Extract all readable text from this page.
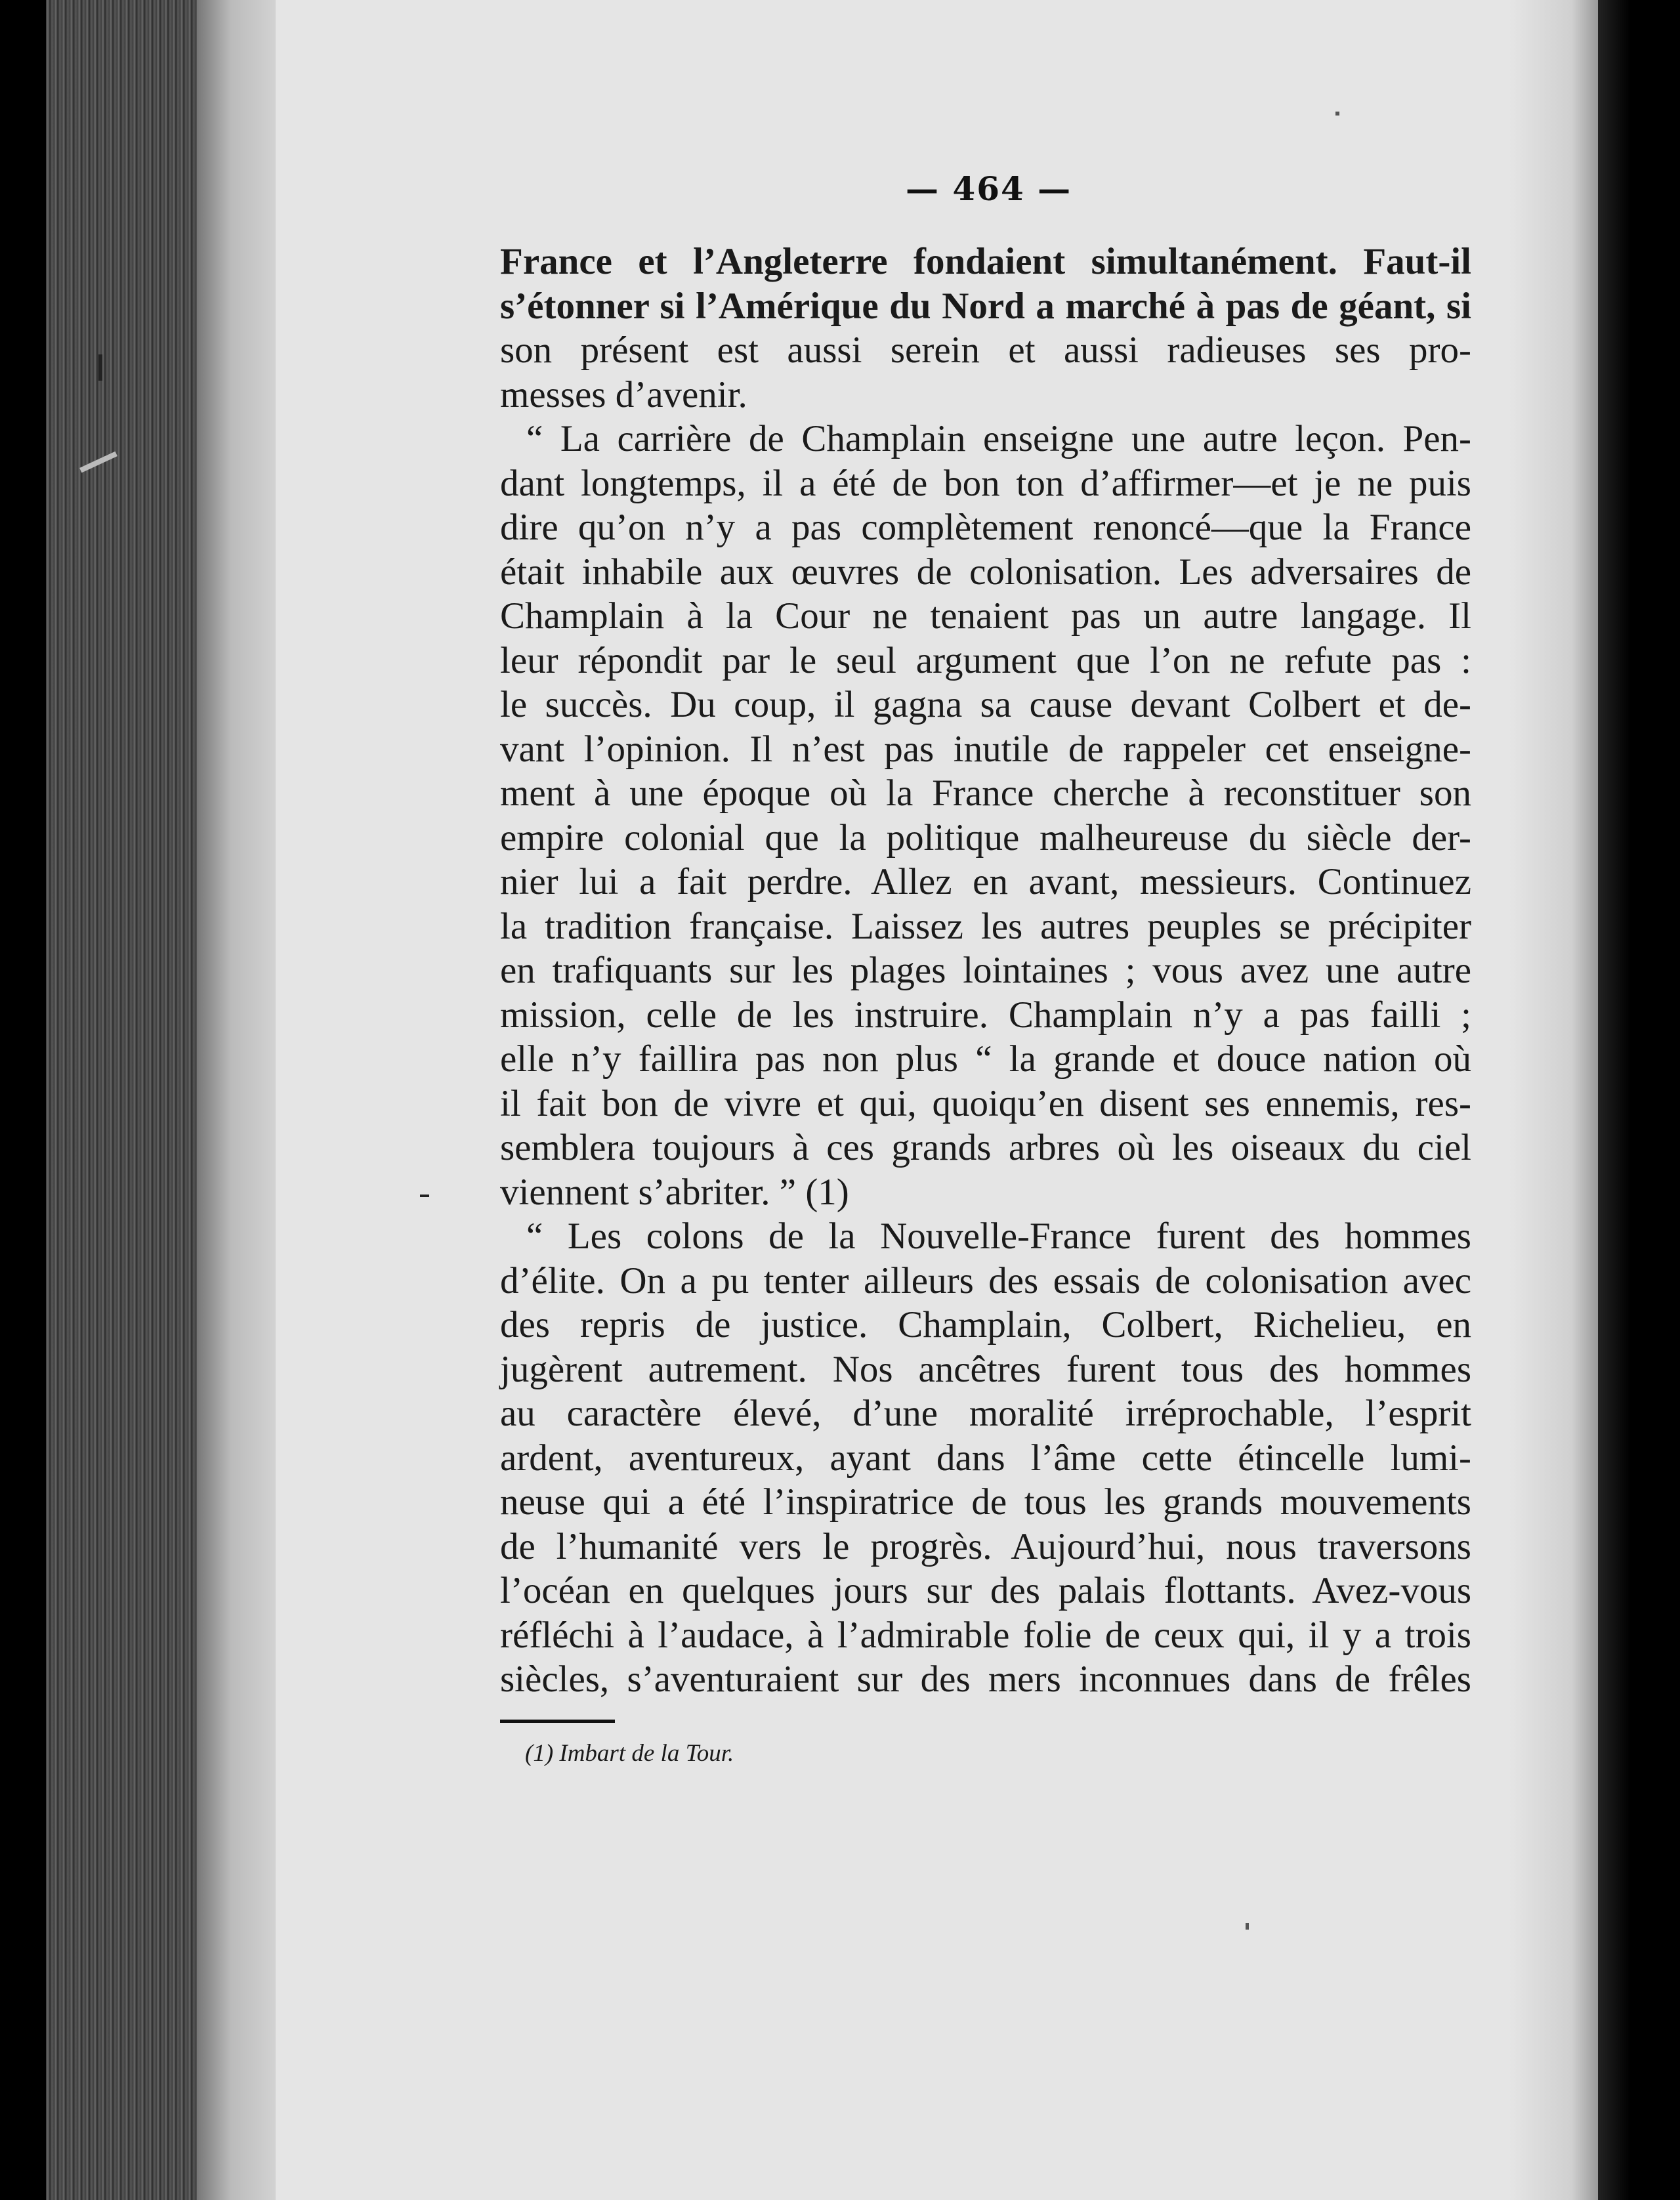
— 464 —

France et l’Angleterre fondaient simultanément. Faut-il
s’étonner si l’Amérique du Nord a marché à pas de géant, si
son présent est aussi serein et aussi radieuses ses pro-
messes d’avenir.

“ La carrière de Champlain enseigne une autre leçon. Pen-
dant longtemps, il a été de bon ton d’affirmer—et je ne puis
dire qu’on n’y a pas complètement renoncé—que la France
était inhabile aux œuvres de colonisation. Les adversaires de
Champlain à la Cour ne tenaient pas un autre langage. Il
leur répondit par le seul argument que l’on ne refute pas :
le succès. Du coup, il gagna sa cause devant Colbert et de-
vant l’opinion. Il n’est pas inutile de rappeler cet enseigne-
ment à une époque où la France cherche à reconstituer son
empire colonial que la politique malheureuse du siècle der-
nier lui a fait perdre. Allez en avant, messieurs. Continuez
la tradition française. Laissez les autres peuples se précipiter
en trafiquants sur les plages lointaines ; vous avez une autre
mission, celle de les instruire. Champlain n’y a pas failli ;
elle n’y faillira pas non plus “ la grande et douce nation où
il fait bon de vivre et qui, quoiqu’en disent ses ennemis, res-
semblera toujours à ces grands arbres où les oiseaux du ciel
viennent s’abriter. ” (1)

“ Les colons de la Nouvelle-France furent des hommes
d’élite. On a pu tenter ailleurs des essais de colonisation avec
des repris de justice. Champlain, Colbert, Richelieu, en
jugèrent autrement. Nos ancêtres furent tous des hommes
au caractère élevé, d’une moralité irréprochable, l’esprit
ardent, aventureux, ayant dans l’âme cette étincelle lumi-
neuse qui a été l’inspiratrice de tous les grands mouvements
de l’humanité vers le progrès. Aujourd’hui, nous traversons
l’océan en quelques jours sur des palais flottants. Avez-vous
réfléchi à l’audace, à l’admirable folie de ceux qui, il y a trois
siècles, s’aventuraient sur des mers inconnues dans de frêles

(1) Imbart de la Tour.
